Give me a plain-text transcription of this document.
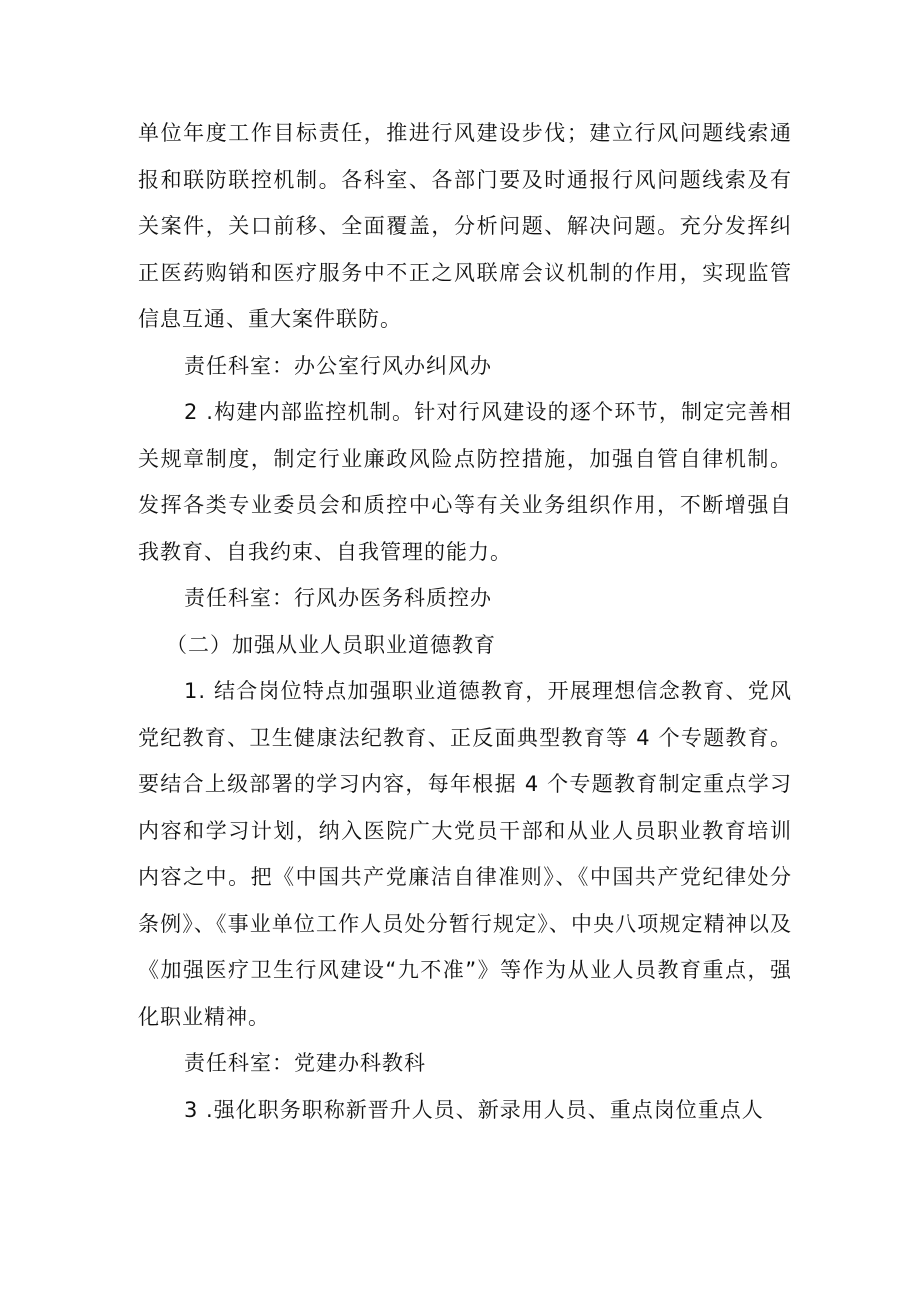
单位年度工作目标责任，推进行风建设步伐；建立行风问题线索通报和联防联控机制。各科室、各部门要及时通报行风问题线索及有关案件，关口前移、全面覆盖，分析问题、解决问题。充分发挥纠正医药购销和医疗服务中不正之风联席会议机制的作用，实现监管信息互通、重大案件联防。

责任科室：办公室行风办纠风办

2 .构建内部监控机制。针对行风建设的逐个环节，制定完善相关规章制度，制定行业廉政风险点防控措施，加强自管自律机制。发挥各类专业委员会和质控中心等有关业务组织作用，不断增强自我教育、自我约束、自我管理的能力。

责任科室：行风办医务科质控办

（二）加强从业人员职业道德教育

1. 结合岗位特点加强职业道德教育，开展理想信念教育、党风党纪教育、卫生健康法纪教育、正反面典型教育等 4 个专题教育。要结合上级部署的学习内容，每年根据 4 个专题教育制定重点学习内容和学习计划，纳入医院广大党员干部和从业人员职业教育培训内容之中。把《中国共产党廉洁自律准则》、《中国共产党纪律处分条例》、《事业单位工作人员处分暂行规定》、中央八项规定精神以及《加强医疗卫生行风建设“九不准”》等作为从业人员教育重点，强化职业精神。

责任科室：党建办科教科

3 .强化职务职称新晋升人员、新录用人员、重点岗位重点人
